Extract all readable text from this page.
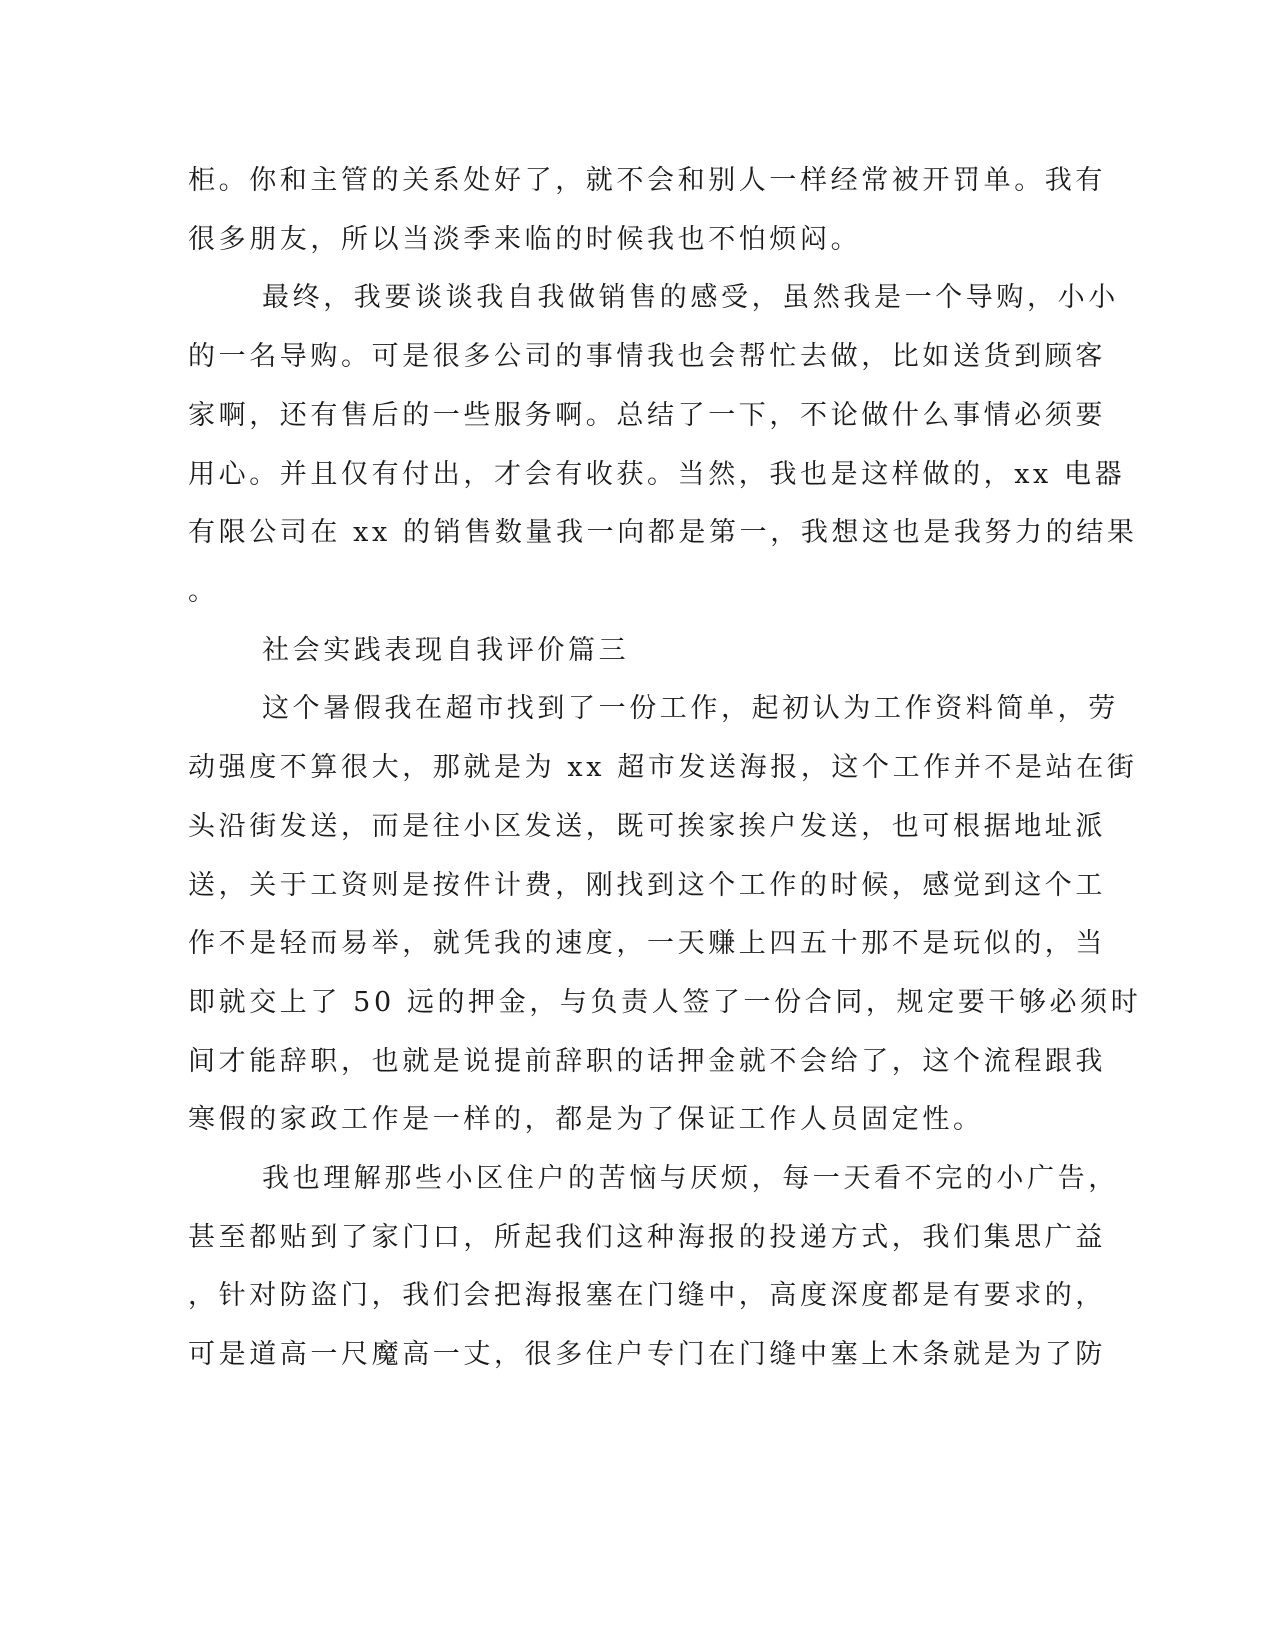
柜。你和主管的关系处好了，就不会和别人一样经常被开罚单。我有

很多朋友，所以当淡季来临的时候我也不怕烦闷。

最终，我要谈谈我自我做销售的感受，虽然我是一个导购，小小

的一名导购。可是很多公司的事情我也会帮忙去做，比如送货到顾客

家啊，还有售后的一些服务啊。总结了一下，不论做什么事情必须要

用心。并且仅有付出，才会有收获。当然，我也是这样做的，xx 电器

有限公司在 xx 的销售数量我一向都是第一，我想这也是我努力的结果

。

社会实践表现自我评价篇三

这个暑假我在超市找到了一份工作，起初认为工作资料简单，劳

动强度不算很大，那就是为 xx 超市发送海报，这个工作并不是站在街

头沿街发送，而是往小区发送，既可挨家挨户发送，也可根据地址派

送，关于工资则是按件计费，刚找到这个工作的时候，感觉到这个工

作不是轻而易举，就凭我的速度，一天赚上四五十那不是玩似的，当

即就交上了 50 远的押金，与负责人签了一份合同，规定要干够必须时

间才能辞职，也就是说提前辞职的话押金就不会给了，这个流程跟我

寒假的家政工作是一样的，都是为了保证工作人员固定性。

我也理解那些小区住户的苦恼与厌烦，每一天看不完的小广告，

甚至都贴到了家门口，所起我们这种海报的投递方式，我们集思广益

，针对防盗门，我们会把海报塞在门缝中，高度深度都是有要求的，

可是道高一尺魔高一丈，很多住户专门在门缝中塞上木条就是为了防
